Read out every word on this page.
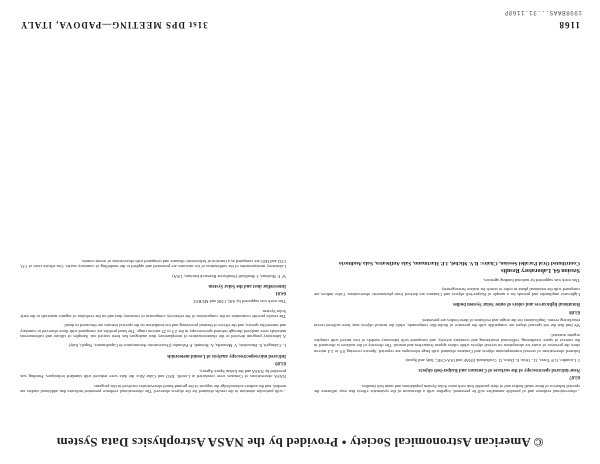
1998BAAS...31.1168P
1168
31st DPS MEETING—PADOVA, ITALY

...observational evidence and of possible anomalies will be presented, together with a discussion of the systematic effects that may influence the spectral behavior of these small bodies and of their possible link with outer Solar System populations and main belt families.

63.07

Near-infrared spectroscopy of the surfaces of Centaurs and Kuiper-belt objects

J. Licandro, G.P. Tozzi, J.L. Ortiz, E. Dotto, D. Cruikshank (INAF and IAA-CSIC, Italy and Spain)

Infrared observations of several transneptunian objects and Centaurs obtained with large telescopes are reported. Spectra covering 0.9 to 2.4 micron show the presence of water ice absorptions on several objects while others appear featureless and neutral. The diversity of the surfaces is discussed in the context of space weathering, collisional resurfacing and cometary activity, and compared with laboratory models of ices mixed with complex organic material.

We find that the red spectral slopes are compatible with the presence of tholin-like compounds, while the neutral objects may have suffered recent resurfacing events. Implications for the origin and evolution of these bodies are presented.

63.08

Rotational lightcurves and colors of outer Solar System bodies

Lightcurve amplitudes and periods for a sample of Kuiper-belt objects and Centaurs are derived from photometric observations. Color indices are compared with the rotational phase in order to search for surface heterogeneity.

This work was supported by national funding agencies.

Session 64. Laboratory Results
Contributed Oral Parallel Session, Chairs: B.V. Michel, J.P. Hartmann, Sala Anfiteatro, Sala Auditorio

...with particular attention to the results obtained for the objects observed. The observational evidence presented indicates that additional studies are needed, and the authors acknowledge the support of the ground-based observatories involved in this program.

NASA observations of Centaurs were conducted at Lowell, ESO and Calar Alto; the data were reduced with standard techniques. Funding was provided by NASA and the Italian Space Agency.

63.09

Infrared microspectroscopy analysis of Leonid meteoroids

L. Colangeli, E. Bussoletti, V. Mennella, A. Rotundi, P. Palumbo (Osservatorio Astronomico di Capodimonte, Napoli, Italy)

A laboratory program devoted to the characterization of interplanetary dust analogues has been carried out. Samples of silicate and carbonaceous materials were analysed through infrared spectroscopy in the 2.5 to 25 micron range. The band profiles are compared with those observed in cometary and interstellar spectra, and the effects of thermal processing and ion irradiation on the spectral features are discussed in detail.

The results provide constraints on the composition of the refractory component of cometary dust and on the evolution of organic materials in the early Solar System.

This work was supported by ASI, CNR and MURST.

64.01

Interstellar dust and the Solar System

W. F. Huebner, J. Benkhoff (Southwest Research Institute, USA)

Laboratory measurements of the sublimation of ice mixtures are presented and applied to the modelling of cometary nuclei. Gas release rates of CO, CO2 and H2O are computed as a function of heliocentric distance and compared with observations of recent comets.

© American Astronomical Society • Provided by the NASA Astrophysics Data System
